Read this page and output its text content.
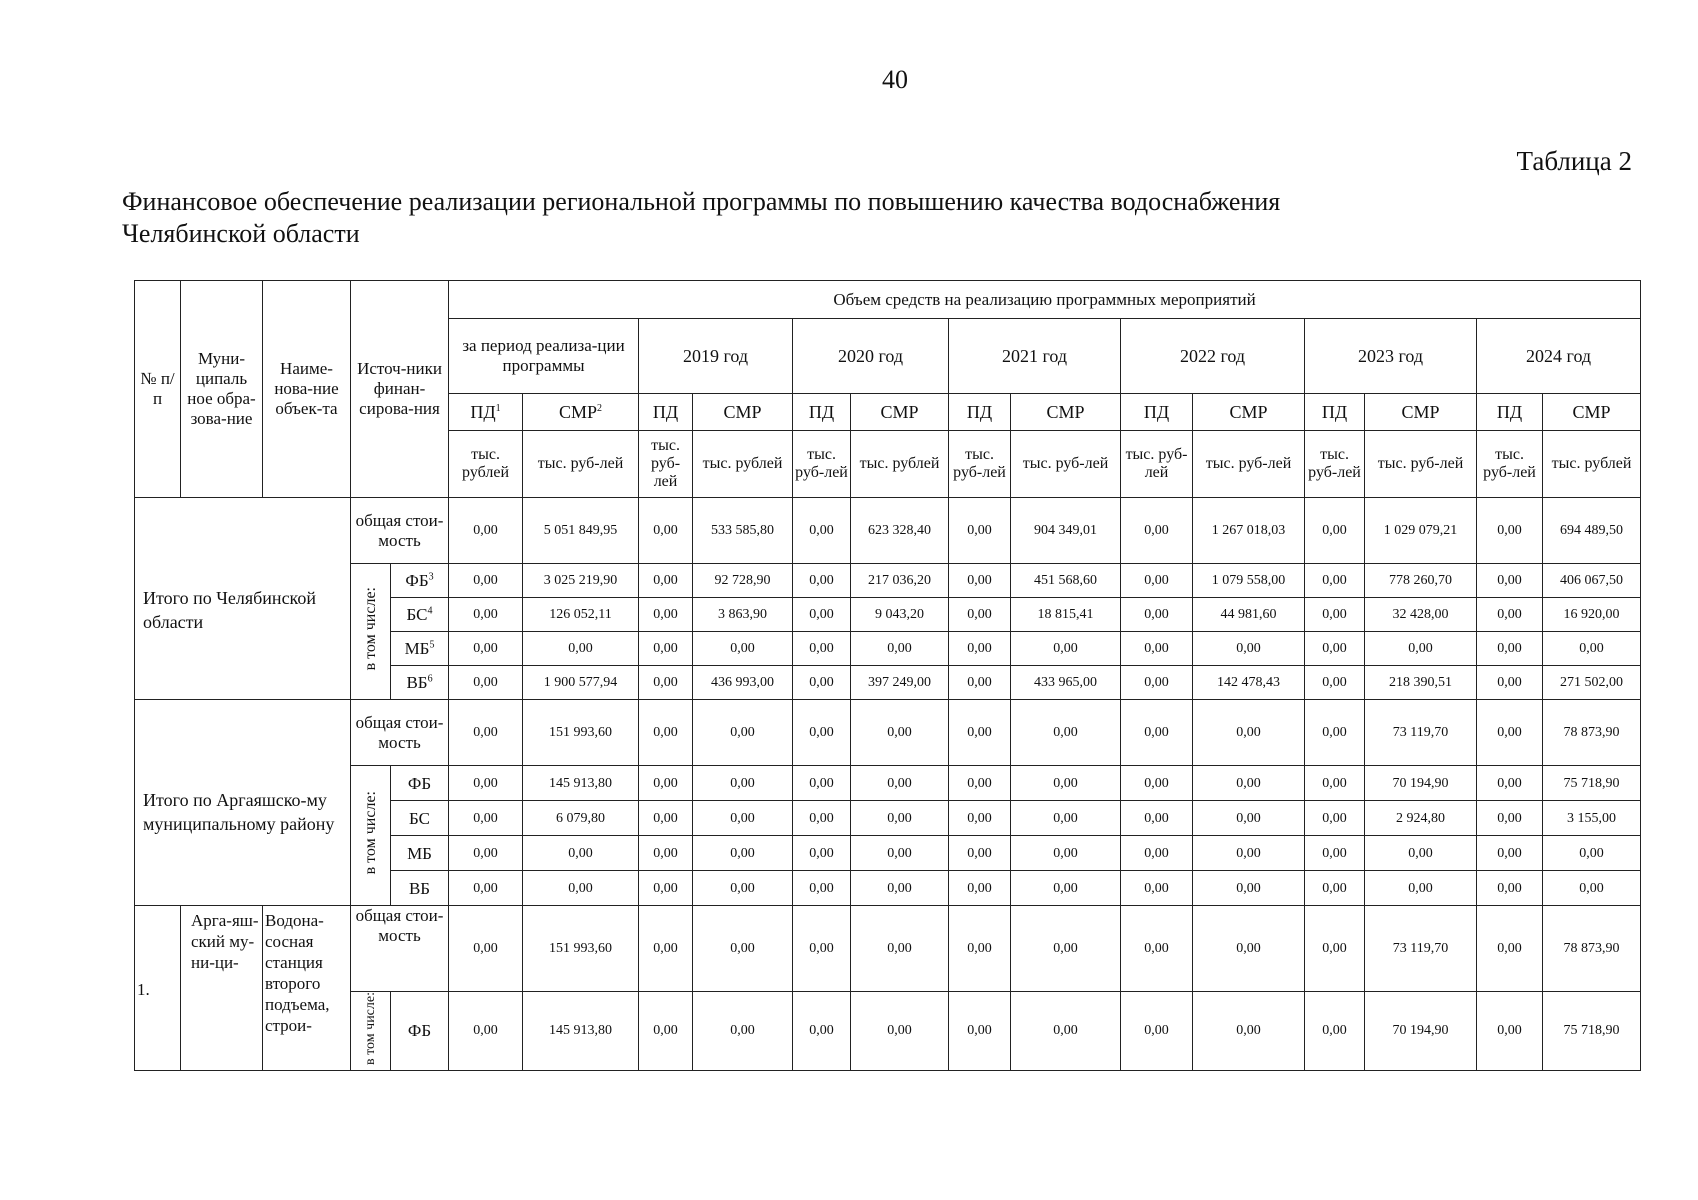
40
Таблица 2
Финансовое обеспечение реализации региональной программы по повышению качества водоснабжения Челябинской области
№ п/п	Муни-ципаль ное обра-зова-ние	Наиме-нова-ние объек-та	Источ-ники финан-сирова-ния		Объем средств на реализацию программных мероприятий													
					за период реализа-ции программы		2019 год		2020 год		2021 год		2022 год		2023 год		2024 год	
					$ПД^1$	СМР$^2$	ПД	СМР	ПД	СМР	ПД	СМР	ПД	СМР	ПД	СМР	ПД	СМР
					тыс. рублей	тыс. руб-лей	тыс. руб-лей	тыс. рублей	тыс. руб-лей	тыс. рублей	тыс. руб-лей	тыс. руб-лей	тыс. руб-лей	тыс. руб-лей	тыс. руб-лей	тыс. руб-лей	тыс. руб-лей	тыс. рублей
Итого по Челябинской области			общая стои-мость		0,00	5 051 849,95	0,00	533 585,80	0,00	623 328,40	0,00	904 349,01	0,00	1 267 018,03	0,00	1 029 079,21	0,00	694 489,50
			в том числе:	$ФБ^3$	0,00	3 025 219,90	0,00	92 728,90	0,00	217 036,20	0,00	451 568,60	0,00	1 079 558,00	0,00	778 260,70	0,00	406 067,50
				$БС^4$	0,00	126 052,11	0,00	3 863,90	0,00	9 043,20	0,00	18 815,41	0,00	44 981,60	0,00	32 428,00	0,00	16 920,00
				$МБ^5$	0,00	0,00	0,00	0,00	0,00	0,00	0,00	0,00	0,00	0,00	0,00	0,00	0,00	0,00
				$ВБ^6$	0,00	1 900 577,94	0,00	436 993,00	0,00	397 249,00	0,00	433 965,00	0,00	142 478,43	0,00	218 390,51	0,00	271 502,00
Итого по Аргаяшско-му муниципальному району			общая стои-мость		0,00	151 993,60	0,00	0,00	0,00	0,00	0,00	0,00	0,00	0,00	0,00	73 119,70	0,00	78 873,90
			в том числе:	ФБ	0,00	145 913,80	0,00	0,00	0,00	0,00	0,00	0,00	0,00	0,00	0,00	70 194,90	0,00	75 718,90
				БС	0,00	6 079,80	0,00	0,00	0,00	0,00	0,00	0,00	0,00	0,00	0,00	2 924,80	0,00	3 155,00
				МБ	0,00	0,00	0,00	0,00	0,00	0,00	0,00	0,00	0,00	0,00	0,00	0,00	0,00	0,00
				ВБ	0,00	0,00	0,00	0,00	0,00	0,00	0,00	0,00	0,00	0,00	0,00	0,00	0,00	0,00
1.	Арга-яш-ский му-ни-ци-	Водона-сосная станция второго подъема, строи-	общая стои-мость		0,00	151 993,60	0,00	0,00	0,00	0,00	0,00	0,00	0,00	0,00	0,00	73 119,70	0,00	78 873,90
			в том числе:	ФБ	0,00	145 913,80	0,00	0,00	0,00	0,00	0,00	0,00	0,00	0,00	0,00	70 194,90	0,00	75 718,90
